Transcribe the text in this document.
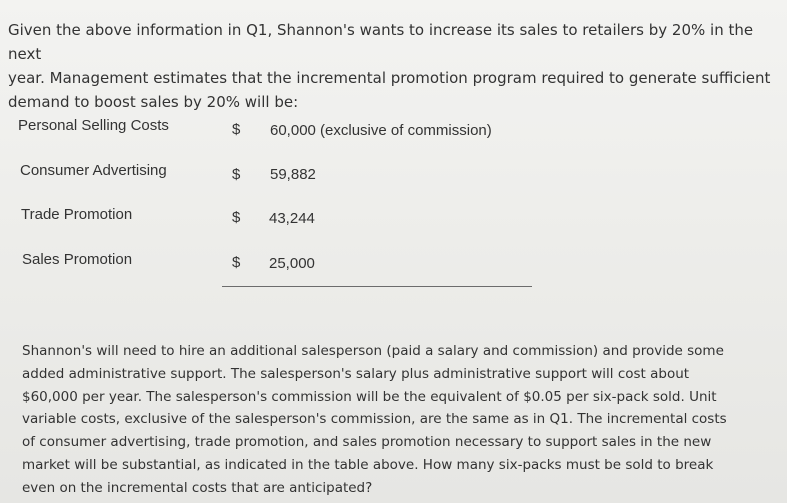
Given the above information in Q1, Shannon's wants to increase its sales to retailers by 20% in the next
year. Management estimates that the incremental promotion program required to generate sufficient
demand to boost sales by 20% will be:
Personal Selling Costs	$ 60,000 (exclusive of commission)
Consumer Advertising	$ 59,882
Trade Promotion	$ 43,244
Sales Promotion	$ 25,000

Shannon's will need to hire an additional salesperson (paid a salary and commission) and provide some

added administrative support. The salesperson's salary plus administrative support will cost about

$60,000 per year. The salesperson's commission will be the equivalent of $0.05 per six-pack sold. Unit

variable costs, exclusive of the salesperson's commission, are the same as in Q1. The incremental costs

of consumer advertising, trade promotion, and sales promotion necessary to support sales in the new

market will be substantial, as indicated in the table above. How many six-packs must be sold to break

even on the incremental costs that are anticipated?
